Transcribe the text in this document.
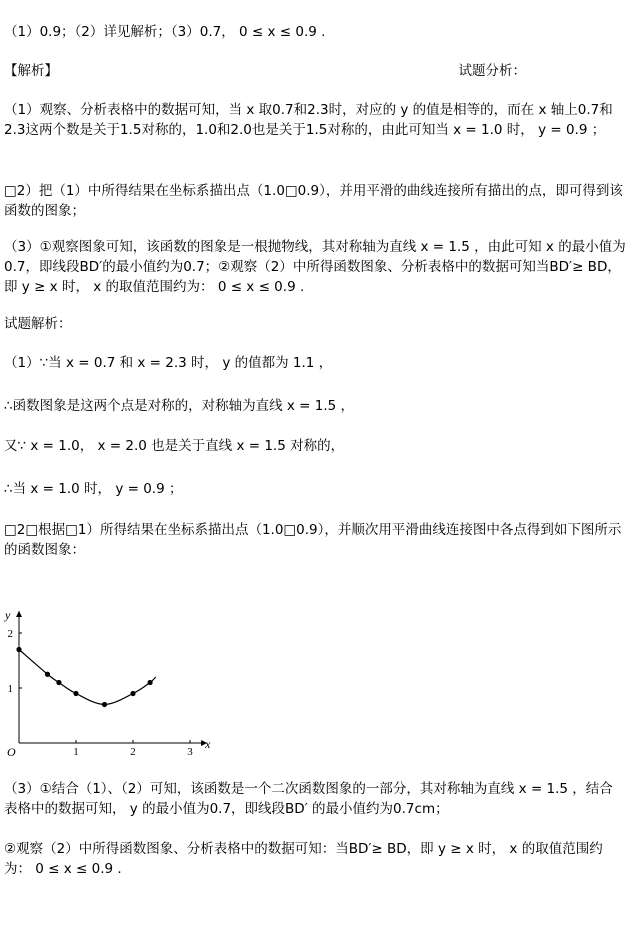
（1）0.9；（2）详见解析；（3）0.7， 0 ≤ x ≤ 0.9 .

【解析】	试题分析：

（1）观察、分析表格中的数据可知，当 x 取0.7和2.3时，对应的 y 的值是相等的，而在 x 轴上0.7和2.3这两个数是关于1.5对称的，1.0和2.0也是关于1.5对称的，由此可知当 x = 1.0 时， y = 0.9 ；

□2）把（1）中所得结果在坐标系描出点（1.0□0.9），并用平滑的曲线连接所有描出的点，即可得到该函数的图象；

（3）①观察图象可知，该函数的图象是一根抛物线，其对称轴为直线 x = 1.5 ，由此可知 x 的最小值为0.7，即线段BD′的最小值约为0.7；②观察（2）中所得函数图象、分析表格中的数据可知当BD′≥ BD，即 y ≥ x 时， x 的取值范围约为： 0 ≤ x ≤ 0.9 .

试题解析：

（1）∵当 x = 0.7 和 x = 2.3 时， y 的值都为 1.1 ，

∴函数图象是这两个点是对称的，对称轴为直线 x = 1.5 ，

又∵ x = 1.0， x = 2.0 也是关于直线 x = 1.5 对称的，

∴当 x = 1.0 时， y = 0.9 ；

□2□根据□1）所得结果在坐标系描出点（1.0□0.9），并顺次用平滑曲线连接图中各点得到如下图所示的函数图象：

1	2	3
1
2
O
x
y

（3）①结合（1）、（2）可知，该函数是一个二次函数图象的一部分，其对称轴为直线 x = 1.5 ，结合表格中的数据可知， y 的最小值为0.7，即线段BD′ 的最小值约为0.7cm；

②观察（2）中所得函数图象、分析表格中的数据可知：当BD′≥ BD，即 y ≥ x 时， x 的取值范围约为： 0 ≤ x ≤ 0.9 .
